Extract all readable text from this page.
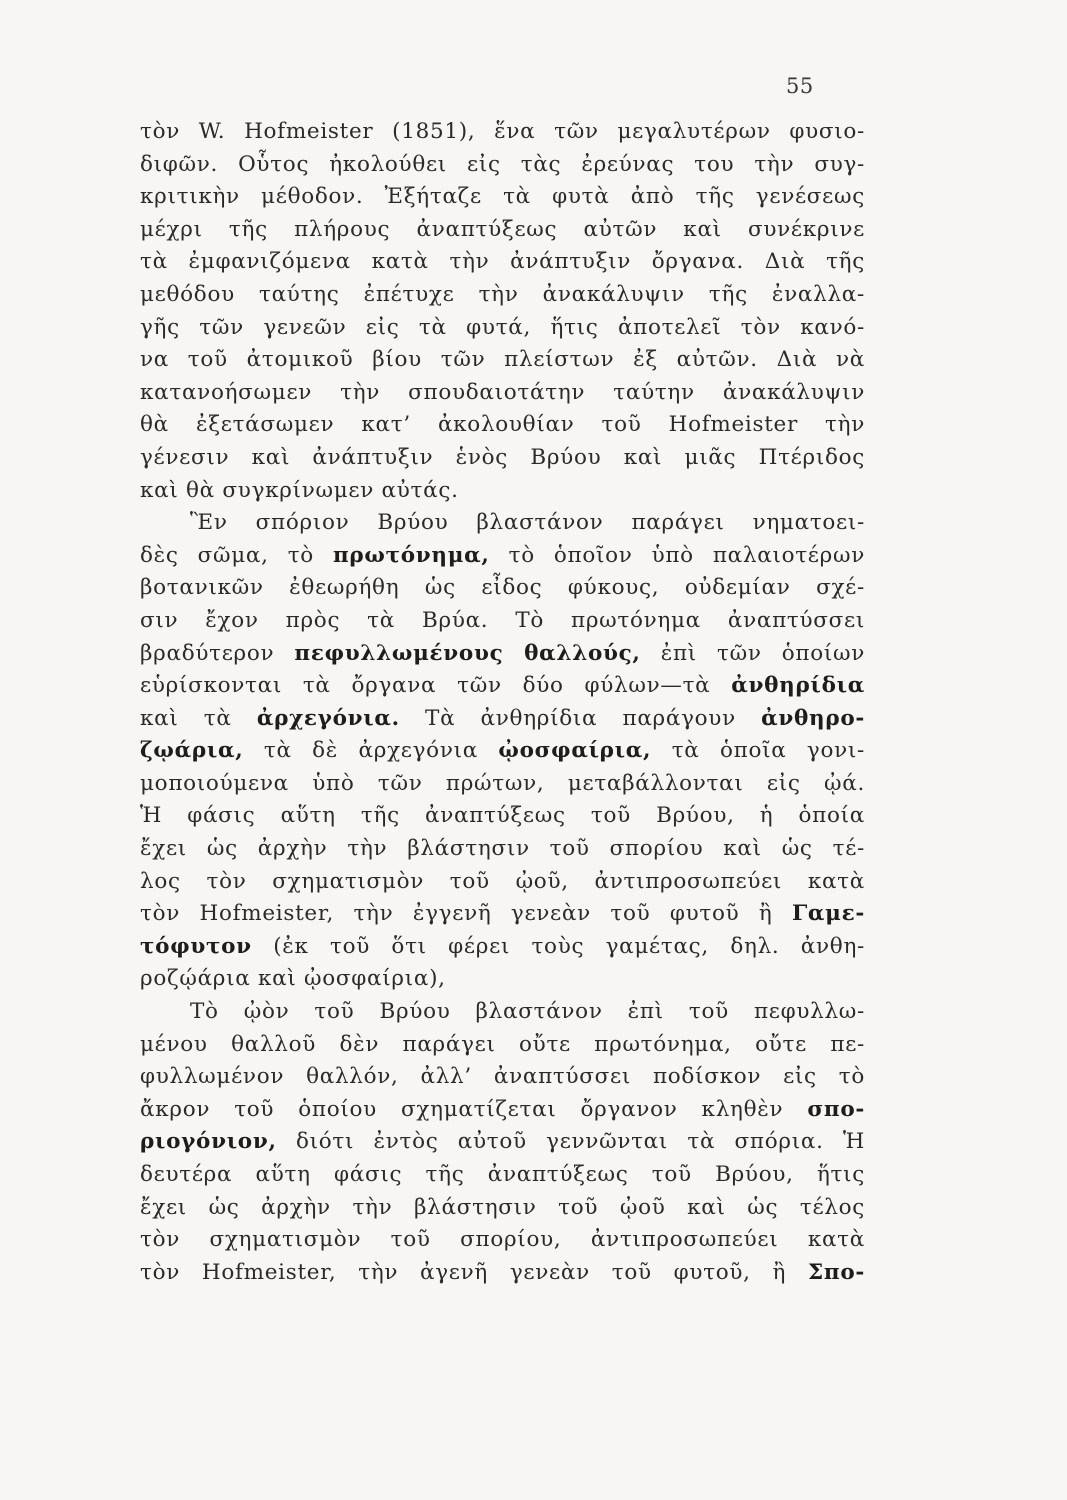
55
τὸν W. Hofmeister (1851), ἕνα τῶν μεγαλυτέρων φυσιο-
διφῶν. Οὗτος ἠκολούθει εἰς τὰς ἐρεύνας του τὴν συγ-
κριτικὴν μέθοδον. Ἐξήταζε τὰ φυτὰ ἀπὸ τῆς γενέσεως
μέχρι τῆς πλήρους ἀναπτύξεως αὐτῶν καὶ συνέκρινε
τὰ ἐμφανιζόμενα κατὰ τὴν ἀνάπτυξιν ὄργανα. Διὰ τῆς
μεθόδου ταύτης ἐπέτυχε τὴν ἀνακάλυψιν τῆς ἐναλλα-
γῆς τῶν γενεῶν εἰς τὰ φυτά, ἥτις ἀποτελεῖ τὸν κανό-
να τοῦ ἀτομικοῦ βίου τῶν πλείστων ἐξ αὐτῶν. Διὰ νὰ
κατανοήσωμεν τὴν σπουδαιοτάτην ταύτην ἀνακάλυψιν
θὰ ἐξετάσωμεν κατ’ ἀκολουθίαν τοῦ Hofmeister τὴν
γένεσιν καὶ ἀνάπτυξιν ἑνὸς Βρύου καὶ μιᾶς Πτέριδος
καὶ θὰ συγκρίνωμεν αὐτάς.
Ἓν σπόριον Βρύου βλαστάνον παράγει νηματοει-
δὲς σῶμα, τὸ πρωτόνημα, τὸ ὁποῖον ὑπὸ παλαιοτέρων
βοτανικῶν ἐθεωρήθη ὡς εἶδος φύκους, οὐδεμίαν σχέ-
σιν ἔχον πρὸς τὰ Βρύα. Τὸ πρωτόνημα ἀναπτύσσει
βραδύτερον πεφυλλωμένους θαλλούς, ἐπὶ τῶν ὁποίων
εὑρίσκονται τὰ ὄργανα τῶν δύο φύλων—τὰ ἀνθηρίδια
καὶ τὰ ἀρχεγόνια. Τὰ ἀνθηρίδια παράγουν ἀνθηρο-
ζῳάρια, τὰ δὲ ἀρχεγόνια ᾠοσφαίρια, τὰ ὁποῖα γονι-
μοποιούμενα ὑπὸ τῶν πρώτων, μεταβάλλονται εἰς ᾠά.
Ἡ φάσις αὕτη τῆς ἀναπτύξεως τοῦ Βρύου, ἡ ὁποία
ἔχει ὡς ἀρχὴν τὴν βλάστησιν τοῦ σπορίου καὶ ὡς τέ-
λος τὸν σχηματισμὸν τοῦ ᾠοῦ, ἀντιπροσωπεύει κατὰ
τὸν Hofmeister, τὴν ἐγγενῆ γενεὰν τοῦ φυτοῦ ἢ Γαμε-
τόφυτον (ἐκ τοῦ ὅτι φέρει τοὺς γαμέτας, δηλ. ἀνθη-
ροζῴάρια καὶ ᾠοσφαίρια),
Τὸ ᾠὸν τοῦ Βρύου βλαστάνον ἐπὶ τοῦ πεφυλλω-
μένου θαλλοῦ δὲν παράγει οὔτε πρωτόνημα, οὔτε πε-
φυλλωμένον θαλλόν, ἀλλ’ ἀναπτύσσει ποδίσκον εἰς τὸ
ἄκρον τοῦ ὁποίου σχηματίζεται ὄργανον κληθὲν σπο-
ριογόνιον, διότι ἐντὸς αὐτοῦ γεννῶνται τὰ σπόρια. Ἡ
δευτέρα αὕτη φάσις τῆς ἀναπτύξεως τοῦ Βρύου, ἥτις
ἔχει ὡς ἀρχὴν τὴν βλάστησιν τοῦ ᾠοῦ καὶ ὡς τέλος
τὸν σχηματισμὸν τοῦ σπορίου, ἀντιπροσωπεύει κατὰ
τὸν Hofmeister, τὴν ἀγενῆ γενεὰν τοῦ φυτοῦ, ἢ Σπο-
